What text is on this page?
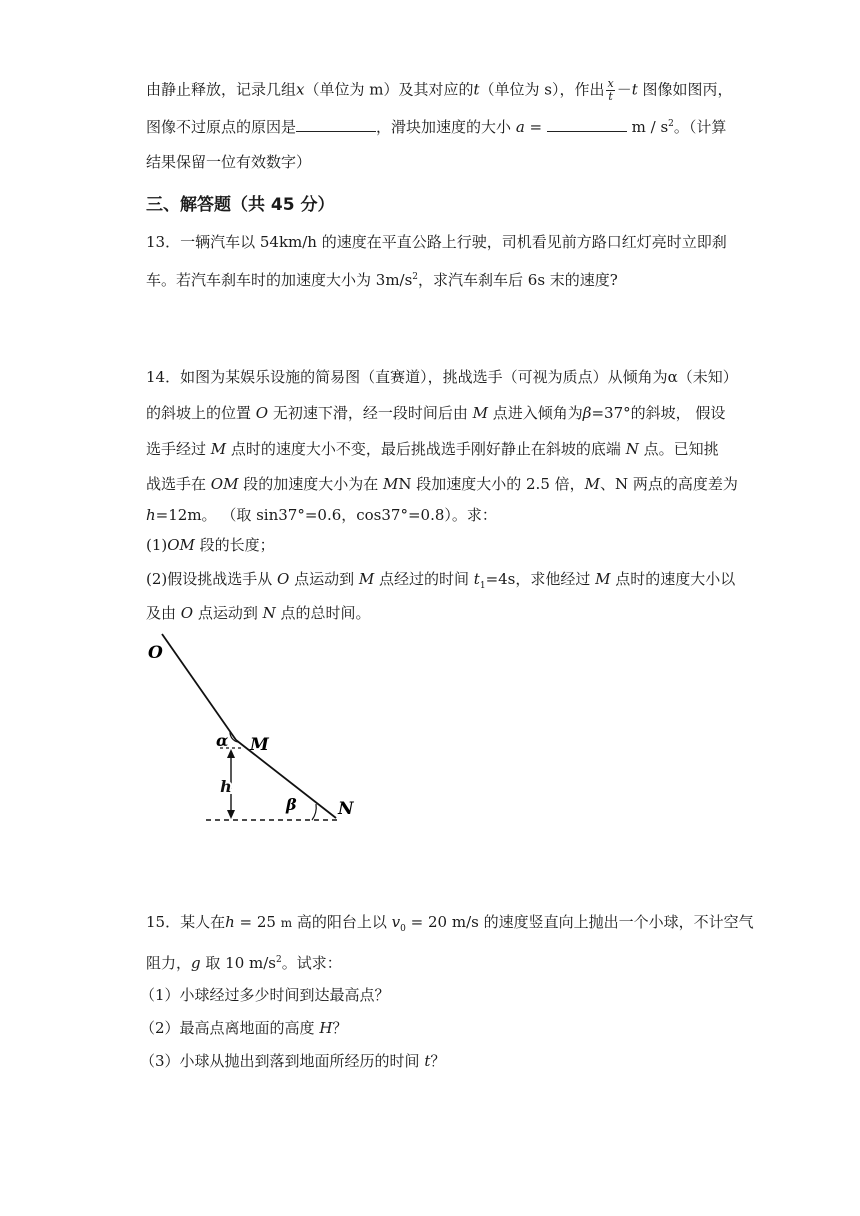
由静止释放，记录几组x（单位为 m）及其对应的t（单位为 s），作出 $\frac{x}{t} -t$ 图像如图丙，
图像不过原点的原因是	，滑块加速度的大小 a =	m / $s^2$。（计算
结果保留一位有效数字）
三、解答题（共 45 分）
13．一辆汽车以 54km/h 的速度在平直公路上行驶，司机看见前方路口红灯亮时立即刹
车。若汽车刹车时的加速度大小为 $3m/s^2$，求汽车刹车后 6s 末的速度?
14．如图为某娱乐设施的简易图（直赛道），挑战选手（可视为质点）从倾角为α（未知）
的斜坡上的位置 O 无初速下滑，经一段时间后由 M 点进入倾角为β=37°的斜坡， 假设
选手经过 M 点时的速度大小不变，最后挑战选手刚好静止在斜坡的底端 N 点。已知挑
战选手在 OM 段的加速度大小为在 MN 段加速度大小的 2.5 倍，M、N 两点的高度差为
h=12m。 （取 sin37°=0.6，cos37°=0.8）。求：
(1)OM 段的长度；
(2)假设挑战选手从 O 点运动到 M 点经过的时间 $t_1=4s$，求他经过 M 点时的速度大小以
及由 O 点运动到 N 点的总时间。
O
M
N
α
β
h
15．某人在h = 25 m 高的阳台上以 $v_0 = 20$ m/s 的速度竖直向上抛出一个小球，不计空气
阻力，g 取 10 $m/s^2$。试求：
（1）小球经过多少时间到达最高点？
（2）最高点离地面的高度 H？
（3）小球从抛出到落到地面所经历的时间 t？
